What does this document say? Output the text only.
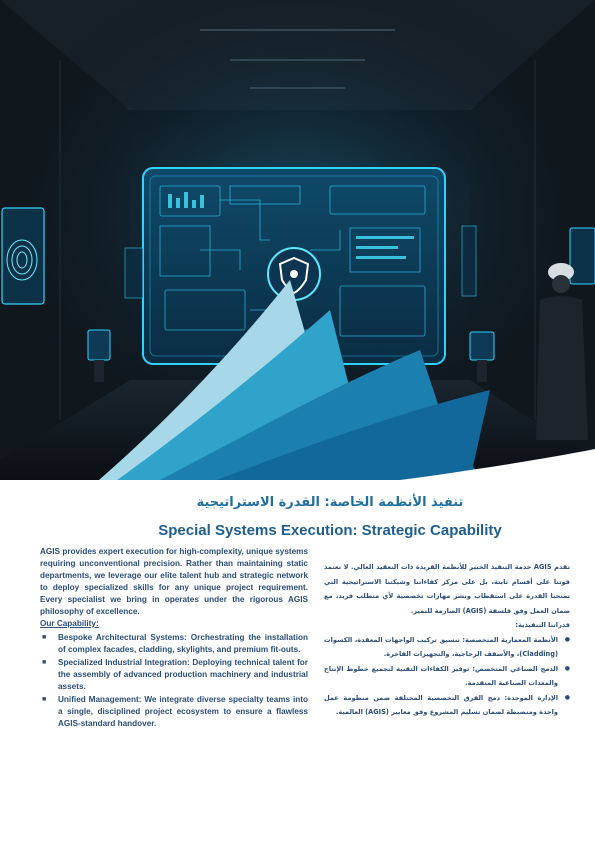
تنفيذ الأنظمة الخاصة: القدرة الاستراتيجية
Special Systems Execution: Strategic Capability

AGIS provides expert execution for high-complexity, unique systems requiring unconventional precision. Rather than maintaining static departments, we leverage our elite talent hub and strategic network to deploy specialized skills for any unique project requirement. Every specialist we bring in operates under the rigorous AGIS philosophy of excellence.

Our Capability:

■ Bespoke Architectural Systems: Orchestrating the installation of complex facades, cladding, skylights, and premium fit-outs.
■ Specialized Industrial Integration: Deploying technical talent for the assembly of advanced production machinery and industrial assets.
■ Unified Management: We integrate diverse specialty teams into a single, disciplined project ecosystem to ensure a flawless AGIS-standard handover.

تقدم AGIS خدمة التنفيذ الخبير للأنظمة الفريدة ذات التعقيد العالي. لا نعتمد قوتنا على أقسام ثابتة، بل على مركز كفاءاتنا وشبكتنا الاستراتيجية التي تمنحنا القدرة على استقطاب ونشر مهارات تخصصية لأي متطلب فريد، مع ضمان العمل وفق فلسفة (AGIS) الصارمة للتميز.

قدراتنا التنفيذية:

●
الأنظمة المعمارية المتخصصة: تنسيق تركيب الواجهات المعقدة، الكسوات (Cladding)، والأسقف الزجاجية، والتجهيزات الفاخرة.
●
الدمج الصناعي المتخصص: توفير الكفاءات التقنية لتجميع خطوط الإنتاج والمعدات الصناعية المتقدمة.
●
الإدارة الموحدة: دمج الفرق التخصصية المختلفة ضمن منظومة عمل واحدة ومنضبطة لضمان تسليم المشروع وفق معايير (AGIS) العالمية.
